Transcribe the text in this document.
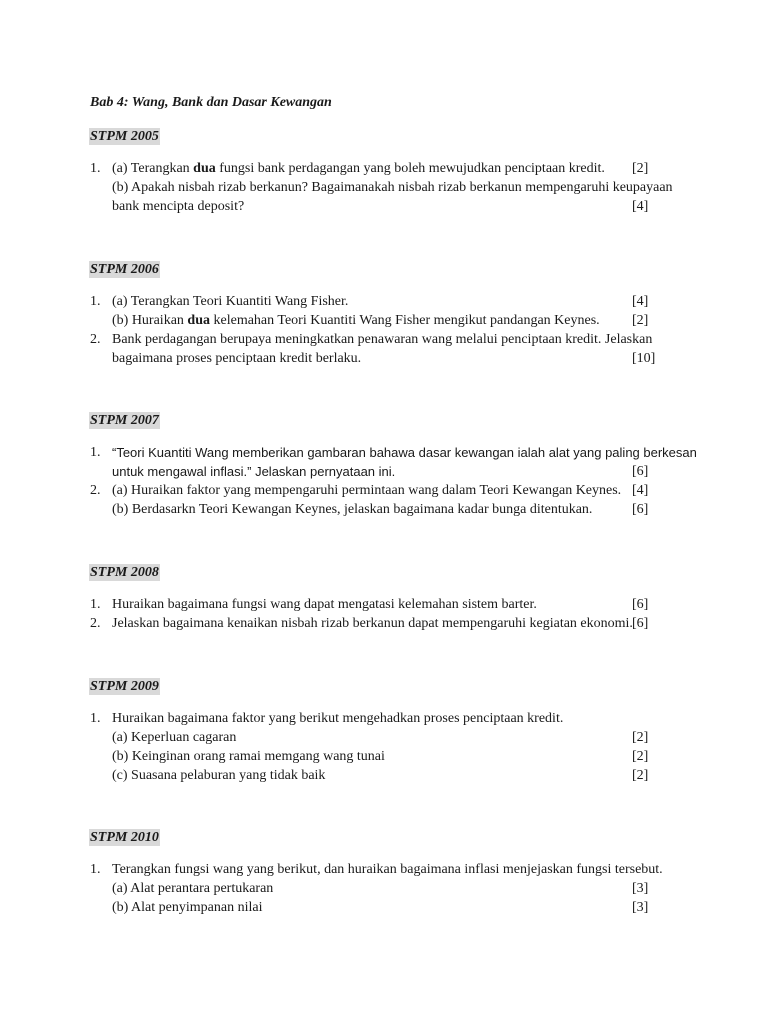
Bab 4: Wang, Bank dan Dasar Kewangan
STPM 2005
1. (a) Terangkan dua fungsi bank perdagangan yang boleh mewujudkan penciptaan kredit. [2]
(b) Apakah nisbah rizab berkanun? Bagaimanakah nisbah rizab berkanun mempengaruhi keupayaan
bank mencipta deposit?	[4]
STPM 2006
1. (a) Terangkan Teori Kuantiti Wang Fisher.	[4]
(b) Huraikan dua kelemahan Teori Kuantiti Wang Fisher mengikut pandangan Keynes. [2]
2. Bank perdagangan berupaya meningkatkan penawaran wang melalui penciptaan kredit. Jelaskan
bagaimana proses penciptaan kredit berlaku.	[10]
STPM 2007
1. “Teori Kuantiti Wang memberikan gambaran bahawa dasar kewangan ialah alat yang paling berkesan
untuk mengawal inflasi.” Jelaskan pernyataan ini.	[6]
2. (a) Huraikan faktor yang mempengaruhi permintaan wang dalam Teori Kewangan Keynes. [4]
(b) Berdasarkn Teori Kewangan Keynes, jelaskan bagaimana kadar bunga ditentukan.	[6]
STPM 2008
1. Huraikan bagaimana fungsi wang dapat mengatasi kelemahan sistem barter.	[6]
2. Jelaskan bagaimana kenaikan nisbah rizab berkanun dapat mempengaruhi kegiatan ekonomi. [6]
STPM 2009
1. Huraikan bagaimana faktor yang berikut mengehadkan proses penciptaan kredit.
(a) Keperluan cagaran	[2]
(b) Keinginan orang ramai memgang wang tunai	[2]
(c) Suasana pelaburan yang tidak baik	[2]
STPM 2010
1. Terangkan fungsi wang yang berikut, dan huraikan bagaimana inflasi menjejaskan fungsi tersebut.
(a) Alat perantara pertukaran	[3]
(b) Alat penyimpanan nilai	[3]
